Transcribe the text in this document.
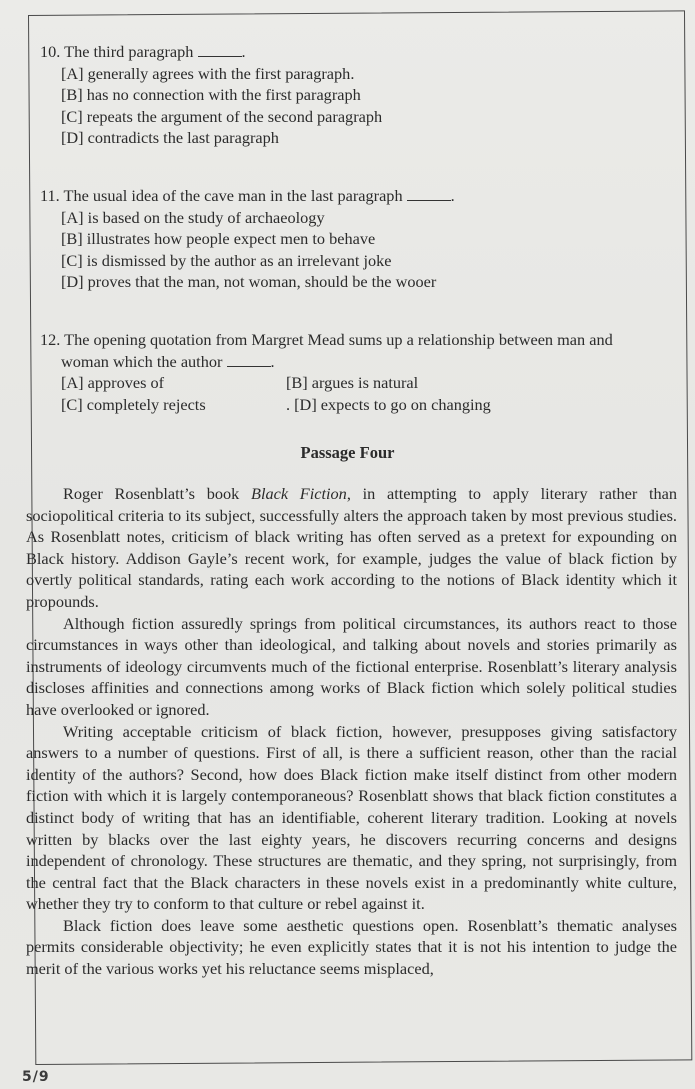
10. The third paragraph	.
[A] generally agrees with the first paragraph.
[B] has no connection with the first paragraph
[C] repeats the argument of the second paragraph
[D] contradicts the last paragraph
11. The usual idea of the cave man in the last paragraph	.
[A] is based on the study of archaeology
[B] illustrates how people expect men to behave
[C] is dismissed by the author as an irrelevant joke
[D] proves that the man, not woman, should be the wooer
12. The opening quotation from Margret Mead sums up a relationship between man and
woman which the author	.
[A] approves of	[B] argues is natural
[C] completely rejects	. [D] expects to go on changing
Passage Four

Roger Rosenblatt’s book Black Fiction, in attempting to apply literary rather than sociopolitical criteria to its subject, successfully alters the approach taken by most previous studies. As Rosenblatt notes, criticism of black writing has often served as a pretext for expounding on Black history. Addison Gayle’s recent work, for example, judges the value of black fiction by overtly political standards, rating each work according to the notions of Black identity which it propounds.

Although fiction assuredly springs from political circumstances, its authors react to those circumstances in ways other than ideological, and talking about novels and stories primarily as instruments of ideology circumvents much of the fictional enterprise. Rosenblatt’s literary analysis discloses affinities and connections among works of Black fiction which solely political studies have overlooked or ignored.

Writing acceptable criticism of black fiction, however, presupposes giving satisfactory answers to a number of questions. First of all, is there a sufficient reason, other than the racial identity of the authors? Second, how does Black fiction make itself distinct from other modern fiction with which it is largely contemporaneous? Rosenblatt shows that black fiction constitutes a distinct body of writing that has an identifiable, coherent literary tradition. Looking at novels written by blacks over the last eighty years, he discovers recurring concerns and designs independent of chronology. These structures are thematic, and they spring, not surprisingly, from the central fact that the Black characters in these novels exist in a predominantly white culture, whether they try to conform to that culture or rebel against it.

Black fiction does leave some aesthetic questions open. Rosenblatt’s thematic analyses permits considerable objectivity; he even explicitly states that it is not his intention to judge the merit of the various works yet his reluctance seems misplaced,

5/9
